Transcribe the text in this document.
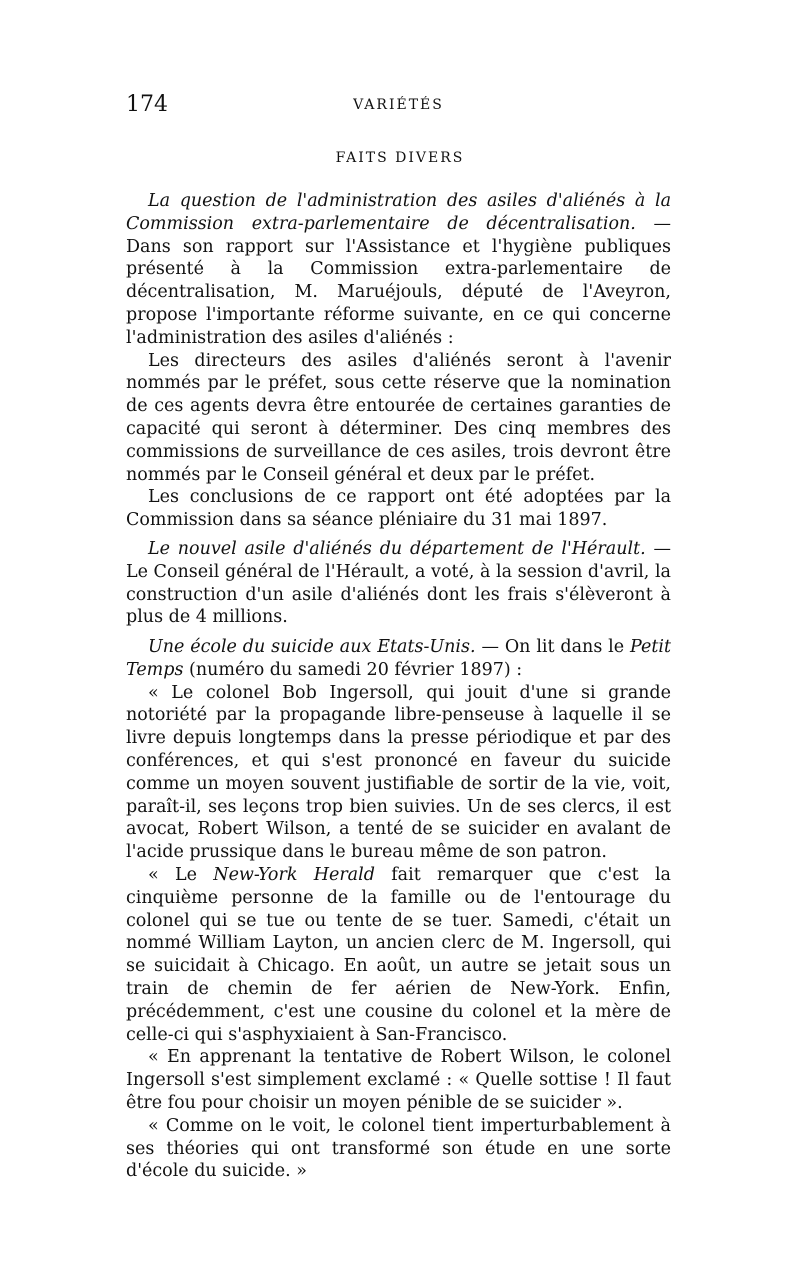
174	VARIÉTÉS
FAITS DIVERS

La question de l'administration des asiles d'aliénés à la Commission extra-parlementaire de décentralisation. — Dans son rapport sur l'Assistance et l'hygiène publiques présenté à la Commission extra-parlementaire de décentralisation, M. Maruéjouls, député de l'Aveyron, propose l'importante réforme suivante, en ce qui concerne l'administration des asiles d'aliénés :

Les directeurs des asiles d'aliénés seront à l'avenir nommés par le préfet, sous cette réserve que la nomination de ces agents devra être entourée de certaines garanties de capacité qui seront à déterminer. Des cinq membres des commissions de surveillance de ces asiles, trois devront être nommés par le Conseil général et deux par le préfet.

Les conclusions de ce rapport ont été adoptées par la Commission dans sa séance pléniaire du 31 mai 1897.

Le nouvel asile d'aliénés du département de l'Hérault. — Le Conseil général de l'Hérault, a voté, à la session d'avril, la construction d'un asile d'aliénés dont les frais s'élèveront à plus de 4 millions.

Une école du suicide aux Etats-Unis. — On lit dans le Petit Temps (numéro du samedi 20 février 1897) :

« Le colonel Bob Ingersoll, qui jouit d'une si grande notoriété par la propagande libre-penseuse à laquelle il se livre depuis longtemps dans la presse périodique et par des conférences, et qui s'est prononcé en faveur du suicide comme un moyen souvent justifiable de sortir de la vie, voit, paraît-il, ses leçons trop bien suivies. Un de ses clercs, il est avocat, Robert Wilson, a tenté de se suicider en avalant de l'acide prussique dans le bureau même de son patron.

« Le New-York Herald fait remarquer que c'est la cinquième personne de la famille ou de l'entourage du colonel qui se tue ou tente de se tuer. Samedi, c'était un nommé William Layton, un ancien clerc de M. Ingersoll, qui se suicidait à Chicago. En août, un autre se jetait sous un train de chemin de fer aérien de New-York. Enfin, précédemment, c'est une cousine du colonel et la mère de celle-ci qui s'asphyxiaient à San-Francisco.

« En apprenant la tentative de Robert Wilson, le colonel Ingersoll s'est simplement exclamé : « Quelle sottise ! Il faut être fou pour choisir un moyen pénible de se suicider ».

« Comme on le voit, le colonel tient imperturbablement à ses théories qui ont transformé son étude en une sorte d'école du suicide. »
